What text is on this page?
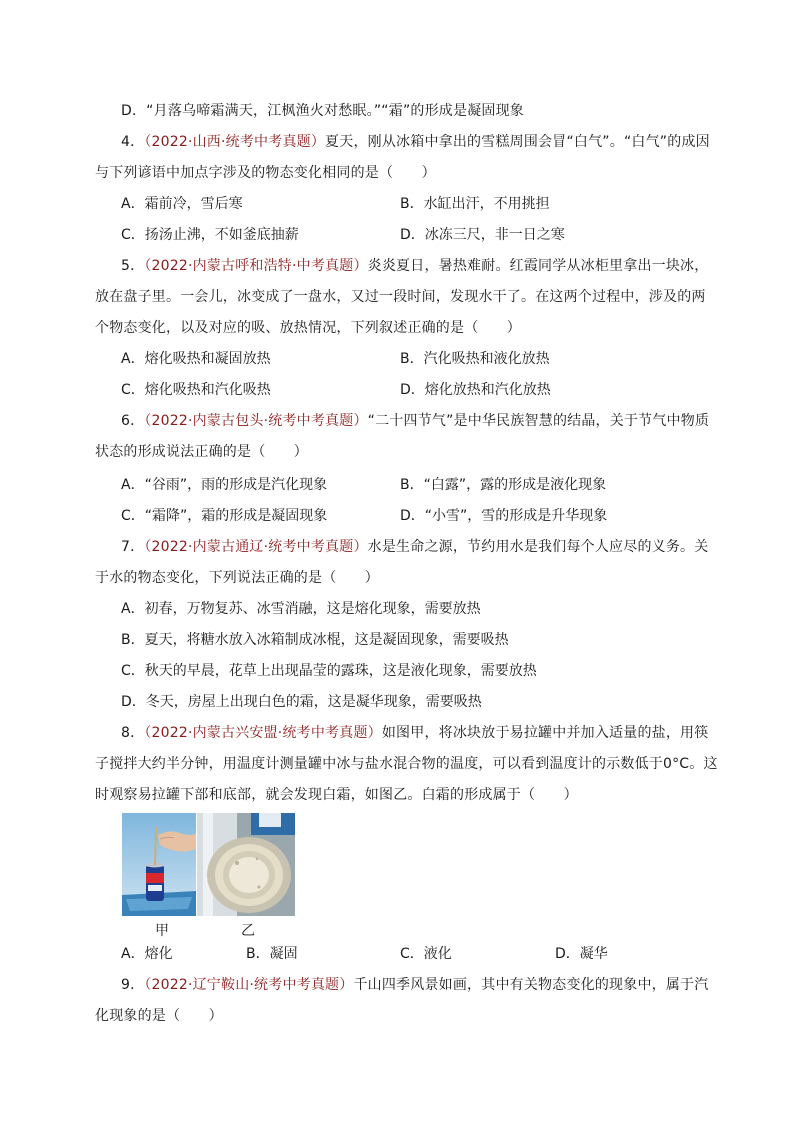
D．“月落乌啼霜满天，江枫渔火对愁眠。”“霜”的形成是凝固现象
4．（2022·山西·统考中考真题）夏天，刚从冰箱中拿出的雪糕周围会冒“白气”。“白气”的成因
与下列谚语中加点字涉及的物态变化相同的是（　　）
A．霜前冷，雪后寒	B．水缸出汗，不用挑担
C．扬汤止沸，不如釜底抽薪	D．冰冻三尺，非一日之寒
5．（2022·内蒙古呼和浩特·中考真题）炎炎夏日，暑热难耐。红霞同学从冰柜里拿出一块冰，
放在盘子里。一会儿，冰变成了一盘水，又过一段时间，发现水干了。在这两个过程中，涉及的两
个物态变化，以及对应的吸、放热情况，下列叙述正确的是（　　）
A．熔化吸热和凝固放热	B．汽化吸热和液化放热
C．熔化吸热和汽化吸热	D．熔化放热和汽化放热
6．（2022·内蒙古包头·统考中考真题）“二十四节气”是中华民族智慧的结晶，关于节气中物质
状态的形成说法正确的是（　　）
A．“谷雨”，雨的形成是汽化现象	B．“白露”，露的形成是液化现象
C．“霜降”，霜的形成是凝固现象	D．“小雪”，雪的形成是升华现象
7．（2022·内蒙古通辽·统考中考真题）水是生命之源，节约用水是我们每个人应尽的义务。关
于水的物态变化，下列说法正确的是（　　）
A．初春，万物复苏、冰雪消融，这是熔化现象，需要放热
B．夏天，将糖水放入冰箱制成冰棍，这是凝固现象，需要吸热
C．秋天的早晨，花草上出现晶莹的露珠，这是液化现象，需要放热
D．冬天，房屋上出现白色的霜，这是凝华现象，需要吸热
8．（2022·内蒙古兴安盟·统考中考真题）如图甲，将冰块放于易拉罐中并加入适量的盐，用筷
子搅拌大约半分钟，用温度计测量罐中冰与盐水混合物的温度，可以看到温度计的示数低于0°C。这
时观察易拉罐下部和底部，就会发现白霜，如图乙。白霜的形成属于（　　）
甲	乙
A．熔化	B．凝固	C．液化	D．凝华
9．（2022·辽宁鞍山·统考中考真题）千山四季风景如画，其中有关物态变化的现象中，属于汽
化现象的是（　　）
